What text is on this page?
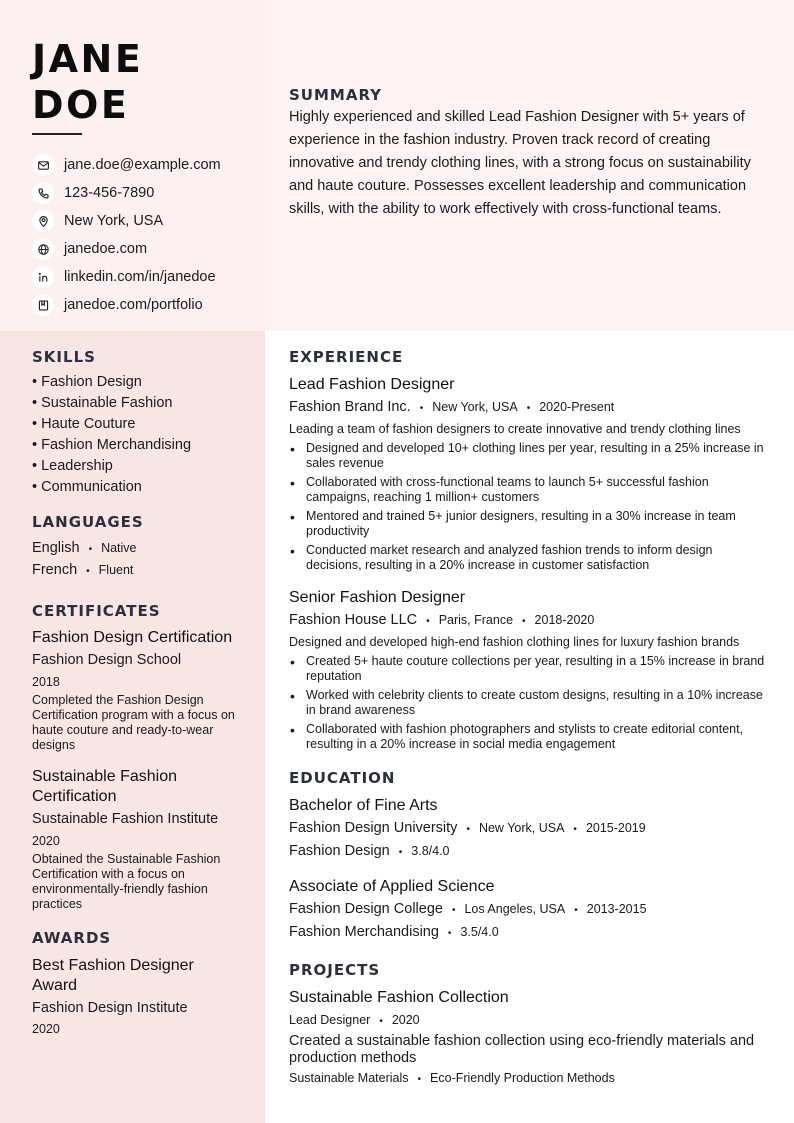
JANE
DOE
jane.doe@example.com
123-456-7890
New York, USA
janedoe.com
linkedin.com/in/janedoe
janedoe.com/portfolio
SUMMARY
Highly experienced and skilled Lead Fashion Designer with 5+ years of experience in the fashion industry. Proven track record of creating innovative and trendy clothing lines, with a strong focus on sustainability and haute couture. Possesses excellent leadership and communication skills, with the ability to work effectively with cross-functional teams.
SKILLS
• Fashion Design
• Sustainable Fashion
• Haute Couture
• Fashion Merchandising
• Leadership
• Communication
LANGUAGES
English • Native
French • Fluent
CERTIFICATES
Fashion Design Certification
Fashion Design School
2018
Completed the Fashion Design Certification program with a focus on haute couture and ready-to-wear designs
Sustainable Fashion Certification
Sustainable Fashion Institute
2020
Obtained the Sustainable Fashion Certification with a focus on environmentally-friendly fashion practices
AWARDS
Best Fashion Designer Award
Fashion Design Institute
2020
EXPERIENCE
Lead Fashion Designer
Fashion Brand Inc. • New York, USA • 2020-Present
Leading a team of fashion designers to create innovative and trendy clothing lines
• Designed and developed 10+ clothing lines per year, resulting in a 25% increase in sales revenue
• Collaborated with cross-functional teams to launch 5+ successful fashion campaigns, reaching 1 million+ customers
• Mentored and trained 5+ junior designers, resulting in a 30% increase in team productivity
• Conducted market research and analyzed fashion trends to inform design decisions, resulting in a 20% increase in customer satisfaction
Senior Fashion Designer
Fashion House LLC • Paris, France • 2018-2020
Designed and developed high-end fashion clothing lines for luxury fashion brands
• Created 5+ haute couture collections per year, resulting in a 15% increase in brand reputation
• Worked with celebrity clients to create custom designs, resulting in a 10% increase in brand awareness
• Collaborated with fashion photographers and stylists to create editorial content, resulting in a 20% increase in social media engagement
EDUCATION
Bachelor of Fine Arts
Fashion Design University • New York, USA • 2015-2019
Fashion Design • 3.8/4.0
Associate of Applied Science
Fashion Design College • Los Angeles, USA • 2013-2015
Fashion Merchandising • 3.5/4.0
PROJECTS
Sustainable Fashion Collection
Lead Designer • 2020
Created a sustainable fashion collection using eco-friendly materials and production methods
Sustainable Materials • Eco-Friendly Production Methods
